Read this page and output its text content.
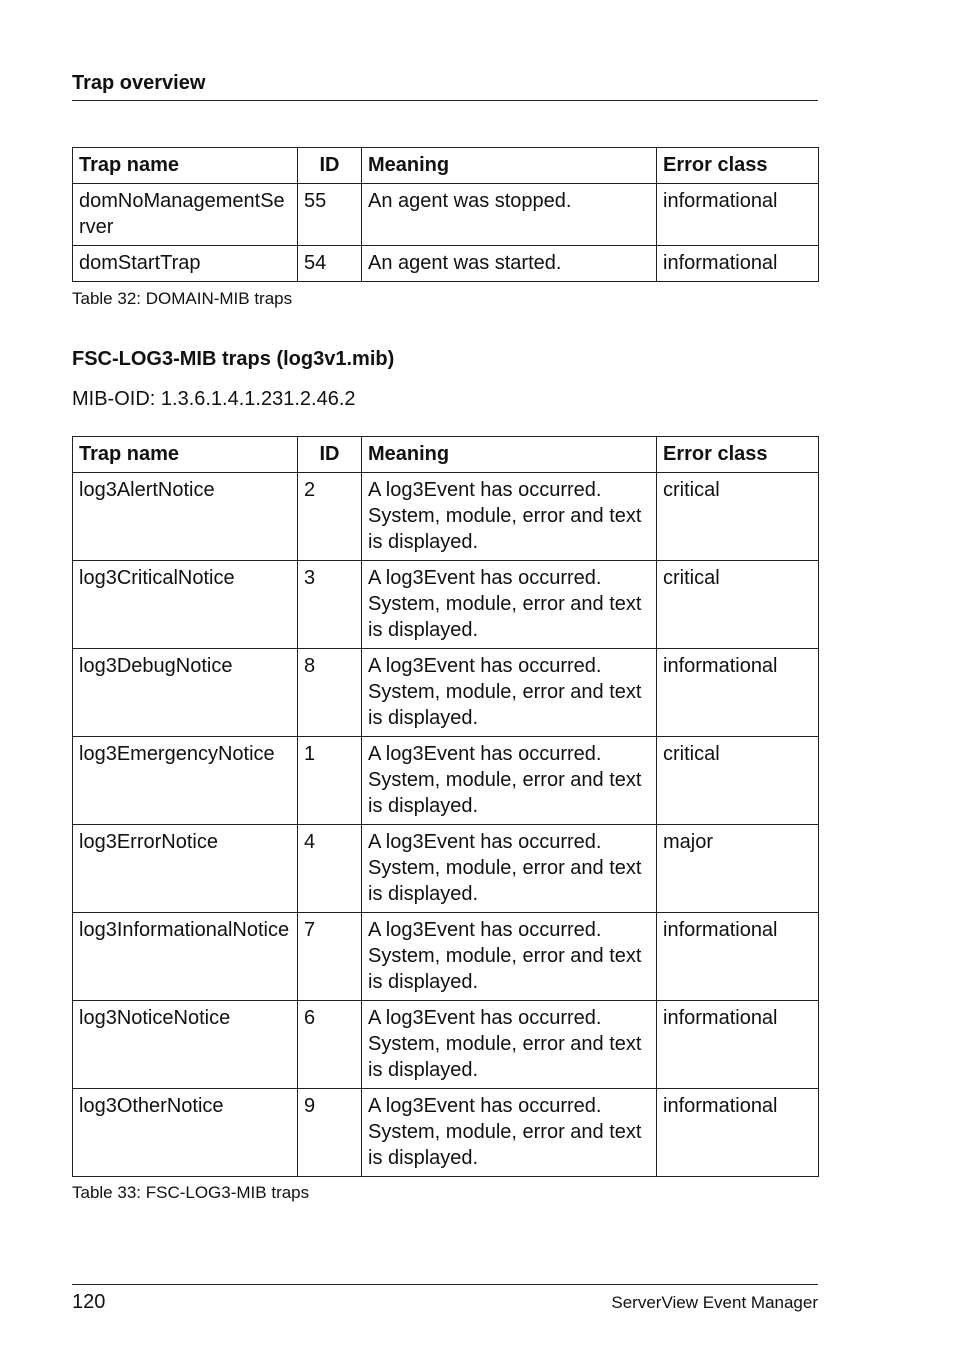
Trap overview
Trap name	ID	Meaning	Error class
domNoManagementServer	55	An agent was stopped.	informational
domStartTrap	54	An agent was started.	informational
Table 32: DOMAIN-MIB traps
FSC-LOG3-MIB traps (log3v1.mib)
MIB-OID: 1.3.6.1.4.1.231.2.46.2
Trap name	ID	Meaning	Error class
log3AlertNotice	2	A log3Event has occurred. System, module, error and text is displayed.	critical
log3CriticalNotice	3	A log3Event has occurred. System, module, error and text is displayed.	critical
log3DebugNotice	8	A log3Event has occurred. System, module, error and text is displayed.	informational
log3EmergencyNotice	1	A log3Event has occurred. System, module, error and text is displayed.	critical
log3ErrorNotice	4	A log3Event has occurred. System, module, error and text is displayed.	major
log3InformationalNotice	7	A log3Event has occurred. System, module, error and text is displayed.	informational
log3NoticeNotice	6	A log3Event has occurred. System, module, error and text is displayed.	informational
log3OtherNotice	9	A log3Event has occurred. System, module, error and text is displayed.	informational
Table 33: FSC-LOG3-MIB traps
120	ServerView Event Manager
